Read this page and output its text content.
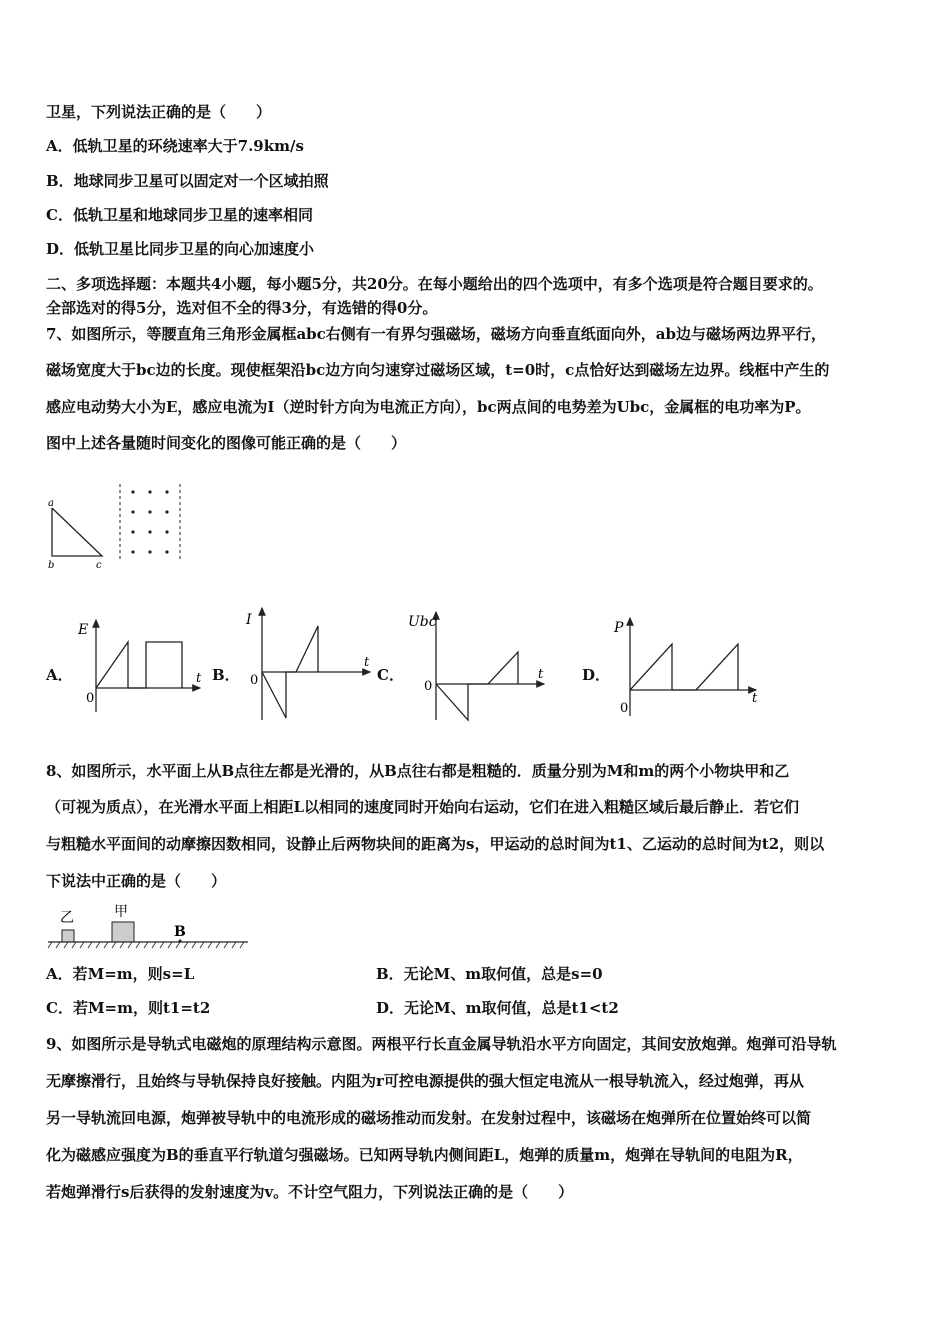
卫星，下列说法正确的是（　　）
A．低轨卫星的环绕速率大于7.9km/s
B．地球同步卫星可以固定对一个区域拍照
C．低轨卫星和地球同步卫星的速率相同
D．低轨卫星比同步卫星的向心加速度小
二、多项选择题：本题共4小题，每小题5分，共20分。在每小题给出的四个选项中，有多个选项是符合题目要求的。
全部选对的得5分，选对但不全的得3分，有选错的得0分。
7、如图所示，等腰直角三角形金属框abc右侧有一有界匀强磁场，磁场方向垂直纸面向外，ab边与磁场两边界平行，
磁场宽度大于bc边的长度。现使框架沿bc边方向匀速穿过磁场区域，t=0时，c点恰好达到磁场左边界。线框中产生的
感应电动势大小为E，感应电流为I（逆时针方向为电流正方向），bc两点间的电势差为Ubc，金属框的电功率为P。
图中上述各量随时间变化的图像可能正确的是（　　）
a
b	c
A．	B．	C．	D．
E
t
0
I
t
0
Ubc
t
0
P
t
0
8、如图所示，水平面上从B点往左都是光滑的，从B点往右都是粗糙的．质量分别为M和m的两个小物块甲和乙
（可视为质点），在光滑水平面上相距L以相同的速度同时开始向右运动，它们在进入粗糙区域后最后静止．若它们
与粗糙水平面间的动摩擦因数相同，设静止后两物块间的距离为s，甲运动的总时间为t1、乙运动的总时间为t2，则以
下说法中正确的是（　　）
乙	甲
B
A．若M=m，则s=L	B．无论M、m取何值，总是s=0
C．若M=m，则t1=t2	D．无论M、m取何值，总是t1<t2
9、如图所示是导轨式电磁炮的原理结构示意图。两根平行长直金属导轨沿水平方向固定，其间安放炮弹。炮弹可沿导轨
无摩擦滑行，且始终与导轨保持良好接触。内阻为r可控电源提供的强大恒定电流从一根导轨流入，经过炮弹，再从
另一导轨流回电源，炮弹被导轨中的电流形成的磁场推动而发射。在发射过程中，该磁场在炮弹所在位置始终可以简
化为磁感应强度为B的垂直平行轨道匀强磁场。已知两导轨内侧间距L，炮弹的质量m，炮弹在导轨间的电阻为R，
若炮弹滑行s后获得的发射速度为v。不计空气阻力，下列说法正确的是（　　）
